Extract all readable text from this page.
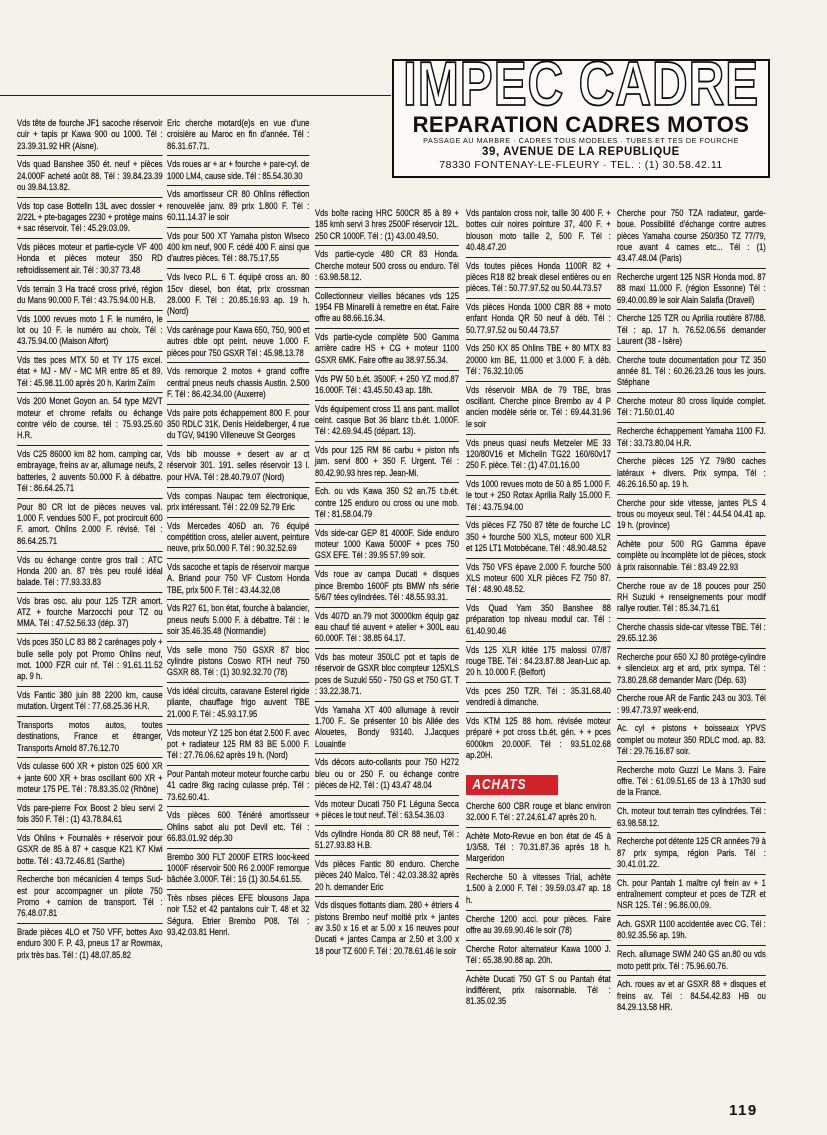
IMPEC CADRE
REPARATION CADRES MOTOS
PASSAGE AU MARBRE · CADRES TOUS MODELES · TUBES ET TES DE FOURCHE
39, AVENUE DE LA REPUBLIQUE
78330 FONTENAY-LE-FLEURY · TEL. : (1) 30.58.42.11
Vds tête de fourche JF1 sacoche réservoir cuir + tapis pr Kawa 900 ou 1000. Tél : 23.39.31.92 HR (Aisne).
Vds quad Banshee 350 ét. neuf + pièces 24.000F acheté août 88. Tél : 39.84.23.39 ou 39.84.13.82.
Vds top case Bottelin 13L avec dossier + 2/22L + pte-bagages 2230 + protège mains + sac réservoir. Tél : 45.29.03.09.
Vds pièces moteur et partie-cycle VF 400 Honda et pièces moteur 350 RD refroidissement air. Tél : 30.37 73.48
Vds terrain 3 Ha tracé cross privé, région du Mans 90.000 F. Tél : 43.75.94.00 H.B.
Vds 1000 revues moto 1 F. le numéro, le lot ou 10 F. le numéro au choix. Tél : 43.75.94.00 (Maison Alfort)
Vds ttes pces MTX 50 et TY 175 excel. état + MJ - MV - MC MR entre 85 et 89. Tél : 45.98.11.00 après 20 h. Karim Zaïm
Vds 200 Monet Goyon an. 54 type M2VT moteur et chrome refaits ou échange contre vélo de course. tél : 75.93.25.60 H.R.
Vds C25 86000 km 82 hom. camping car, embrayage, freins av ar, allumage neufs, 2 batteries, 2 auvents 50.000 F. à débattre. Tél : 86.64.25.71
Pour 80 CR lot de pièces neuves val. 1.000 F. vendues 500 F., pot procircuit 600 F. amort. Ohlins 2.000 F. révisé. Tél : 86.64.25.71
Vds ou échange contre gros trail : ATC Honda 200 an. 87 très peu roulé idéal balade. Tél : 77.93.33.83
Vds bras osc. alu pour 125 TZR amort. ATZ + fourche Marzocchi pour TZ ou MMA. Tél : 47.52.56.33 (dép. 37)
Vds pces 350 LC 83 88 2 carénages poly + bulle selle poly pot Promo Ohlins neuf, mot. 1000 FZR cuir nf. Tél : 91.61.11.52 ap. 9 h.
Vds Fantic 380 juin 88 2200 km, cause mutation. Urgent Tél : 77.68.25.36 H.R.
Transports motos autos, toutes destinations, France et étranger, Transports Arnold 87.76.12.70
Vds culasse 600 XR + piston 025 600 XR + jante 600 XR + bras oscillant 600 XR + moteur 175 PE. Tél : 78.83.35.02 (Rhône)
Vds pare-pierre Fox Boost 2 bleu servi 2 fois 350 F. Tél : (1) 43.78.84.61
Vds Ohlins + Fournalès + réservoir pour GSXR de 85 à 87 + casque K21 K7 Kiwi botte. Tél : 43.72.46.81 (Sarthe)
Recherche bon mécanicien 4 temps Sud-est pour accompagner un pilote 750 Promo + camion de transport. Tél : 76.48.07.81
Brade pièces 4LO et 750 VFF, bottes Axo enduro 300 F. P. 43, pneus 17 ar Rowmax, prix très bas. Tél : (1) 48.07.85.82
Eric cherche motard(e)s en vue d'une croisière au Maroc en fin d'année. Tél : 86.31.67.71.
Vds roues ar + ar + fourche + pare-cyl. de 1000 LM4, cause side. Tél : 85.54.30.30
Vds amortisseur CR 80 Ohlins réflection renouvelée janv. 89 prix 1.800 F. Tél : 60.11.14.37 le soir
Vds pour 500 XT Yamaha piston Wiseco 400 km neuf, 900 F. cédé 400 F. ainsi que d'autres pièces. Tél : 88.75.17.55
Vds Iveco P.L. 6 T. équipé cross an. 80 15cv diesel, bon état, prix crossman 28.000 F. Tél : 20.85.16.93 ap. 19 h. (Nord)
Vds carénage pour Kawa 650, 750, 900 et autres dble opt peint. neuve 1.000 F. pièces pour 750 GSXR Tél : 45.98.13.78
Vds remorque 2 motos + grand coffre central pneus neufs chassis Austin. 2.500 F. Tél : 86.42.34.00 (Auxerre)
Vds paire pots échappement 800 F. pour 350 RDLC 31K. Denis Heidelberger, 4 rue du TGV, 94190 Villeneuve St Georges
Vds bib mousse + desert av ar ct réservoir 301. 191. selles réservoir 13 l. pour HVA. Tél : 28.40.79.07 (Nord)
Vds compas Naupac tem électronique, prix intéressant. Tél : 22.09 52.79 Eric
Vds Mercedes 406D an. 76 équipé compétition cross, atelier auvent, peinture neuve, prix 50.000 F. Tél : 90.32.52.69
Vds sacoche et tapis de réservoir marque A. Briand pour 750 VF Custom Honda TBE, prix 500 F. Tél : 43.44.32.08
Vds R27 61, bon état, fourche à balancier, pneus neufs 5.000 F. à débattre. Tél : le soir 35.46.35.48 (Normandie)
Vds selle mono 750 GSXR 87 bloc cylindre pistons Coswo RTH neuf 750 GSXR 88. Tél : (1) 30.92.32.70 (78)
Vds idéal circuits, caravane Esterel rigide pliante, chauffage frigo auvent TBE 21.000 F. Tél : 45.93.17.95
Vds moteur YZ 125 bon état 2.500 F. avec pot + radiateur 125 RM 83 BE 5.000 F. Tél : 27.76.06.62 après 19 h. (Nord)
Pour Pantah moteur moteur fourche carbu 41 cadre 8kg racing culasse prép. Tél : 73.62.60.41.
Vds pièces 600 Ténéré amortisseur Ohlins sabot alu pot Devil etc. Tél : 66.83.01.92 dép.30
Brembo 300 FLT 2000F ETRS looc-keed 1000F réservoir 500 R6 2.000F remorque bâchée 3.000F. Tél : 16 (1) 30.54.61.55.
Très nbses pièces EFE blousons Japa noir T.52 et 42 pantalons cuir T. 48 et 32 Ségura. Etrier Brembo P08. Tél : 93.42.03.81 Henri.
Vds boîte racing HRC 500CR 85 à 89 + 185 kmh servi 3 hres 2500F réservoir 12L. 250 CR 1000F. Tél : (1) 43.00.49.50.
Vds partie-cycle 480 CR 83 Honda. Cherche moteur 500 cross ou enduro. Tél : 63.98.58.12.
Collectionneur vieilles bécanes vds 125 1954 FB Minarelli à remettre en état. Faire offre au 88.66.16.34.
Vds partie-cycle complète 500 Gamma arrière cadre HS + CG + moteur 1100 GSXR 6MK. Faire offre au 38.97.55.34.
Vds PW 50 b.ét. 3500F. + 250 YZ mod.87 16.000F. Tél : 43.45.50.43 ap. 18h.
Vds équipement cross 11 ans pant. maillot ceint. casque Bot 36 blanc t.b.ét. 1.000F. Tél : 42.69.94.45 (départ. 13).
Vds pour 125 RM 86 carbu + piston nfs jam. servi 800 + 350 F. Urgent. Tél : 80.42.90.93 hres rep. Jean-Mi.
Ech. ou vds Kawa 350 S2 an.75 t.b.ét. contre 125 enduro ou cross ou une mob. Tél : 81.58.04.79
Vds side-car GEP 81 4000F. Side enduro moteur 1000 Kawa 5000F + pces 750 GSX EFE. Tél : 39.95 57.99 soir.
Vds roue av campa Ducati + disques pince Brembo 1600F pts BMW nfs série 5/6/7 tées cylindrées. Tél : 48.55.93.31.
Vds 407D an.79 mot 30000km équip gaz eau chauf tlé auvent + atelier + 300L eau 60.000F. Tél : 38.85 64.17.
Vds bas moteur 350LC pot et tapis de réservoir de GSXR bloc compteur 125XLS pces de Suzuki 550 - 750 GS et 750 GT. T : 33.22.38.71.
Vds Yamaha XT 400 allumage à revoir 1.700 F.. Se présenter 10 bis Allée des Alouetes, Bondy 93140. J.Jacques Louaintle
Vds décors auto-collants pour 750 H272 bleu ou or 250 F. ou échange contre pièces de H2. Tél : (1) 43.47 48.04
Vds moteur Ducati 750 F1 Léguna Secca + pièces le tout neuf. Tél : 63.54.36.03
Vds cylindre Honda 80 CR 88 neuf, Tél : 51.27.93.83 H.B.
Vds pièces Fantic 80 enduro. Cherche pièces 240 Maïco. Tél : 42.03.38.32 après 20 h. demander Eric
Vds disques flottants diam. 280 + étriers 4 pistons Brembo neuf moitié prix + jantes av 3.50 x 16 et ar 5.00 x 16 neuves pour Ducati + jantes Campa ar 2.50 et 3.00 x 18 pour TZ 600 F. Tél : 20.78.61.46 le soir
Vds pantalon cross noir, taille 30 400 F. + bottes cuir noires pointure 37, 400 F. + blouson moto taille 2, 500 F. Tél : 40.48.47.20
Vds toutes pièces Honda 1100R 82 + pièces R18 82 break diesel entières ou en pièces. Tél : 50.77.97.52 ou 50.44.73.57
Vds pièces Honda 1000 CBR 88 + moto enfant Honda QR 50 neuf à déb. Tél : 50.77.97.52 ou 50.44 73.57
Vds 250 KX 85 Ohlins TBE + 80 MTX 83 20000 km BE, 11.000 et 3.000 F. à déb. Tél : 76.32.10.05
Vds réservoir MBA de 79 TBE, bras oscillant. Cherche pince Brembo av 4 P ancien modèle série or. Tél : 69.44.31.96 le soir
Vds pneus quasi neufs Metzeler ME 33 120/80V16 et Michelin TG22 160/60v17 250 F. pièce. Tél : (1) 47.01.16.00
Vds 1000 revues moto de 50 à 85 1.000 F. le tout + 250 Rotax Aprilia Rally 15.000 F. Tél : 43.75.94.00
Vds pièces FZ 750 87 tête de fourche LC 350 + fourche 500 XLS, moteur 600 XLR et 125 LT1 Motobécane. Tél : 48.90.48.52
Vds 750 VFS épave 2.000 F. fourche 500 XLS moteur 600 XLR pièces FZ 750 87. Tél : 48.90.48.52.
Vds Quad Yam 350 Banshee 88 préparation top niveau modul car. Tél : 61.40.90.46
Vds 125 XLR kitée 175 malossi 07/87 rouge TBE. Tél : 84.23.87.88 Jean-Luc ap. 20 h. 10.000 F. (Belfort)
Vds pces 250 TZR. Tél : 35.31.68.40 vendredi à dimanche.
Vds KTM 125 88 hom. révisée moteur préparé + pot cross t.b.ét. gén. + + pces 6000km 20.000F. Tél : 93.51.02.68 ap.20H.
ACHATS
Cherche 600 CBR rouge et blanc environ 32.000 F. Tél : 27.24.61.47 après 20 h.
Achète Moto-Revue en bon état de 45 à 1/3/58. Tél : 70.31.87.36 après 18 h. Margeridon
Recherche 50 à vitesses Trial, achète 1.500 à 2.000 F. Tél : 39.59.03.47 ap. 18 h.
Cherche 1200 acci. pour pièces. Faire offre au 39.69.90.46 le soir (78)
Cherche Rotor alternateur Kawa 1000 J. Tél : 65.38.90.88 ap. 20h.
Achète Ducati 750 GT S ou Pantah état indifférent, prix raisonnable. Tél : 81.35.02.35
Cherche pour 750 TZA radiateur, garde-boue. Possibilité d'échange contre autres pièces Yamaha course 250/350 TZ 77/79, roue avant 4 cames etc... Tél : (1) 43.47.48.04 (Paris)
Recherche urgent 125 NSR Honda mod. 87 88 maxi 11.000 F. (région Essonne) Tél : 69.40.00.89 le soir Alain Salafia (Draveil)
Cherche 125 TZR ou Aprilia routière 87/88. Tél : ap. 17 h. 76.52.06.56 demander Laurent (38 - Isère)
Cherche toute documentation pour TZ 350 année 81. Tél : 60.26.23.26 tous les jours. Stéphane
Cherche moteur 80 cross liquide complet. Tél : 71.50.01.40
Recherche échappement Yamaha 1100 FJ. Tél : 33.73.80.04 H.R.
Cherche pièces 125 YZ 79/80 caches latéraux + divers. Prix sympa. Tél : 46.26.16.50 ap. 19 h.
Cherche pour side vitesse, jantes PLS 4 trous ou moyeux seul. Tél : 44.54 04.41 ap. 19 h. (province)
Achète pour 500 RG Gamma épave complète ou incomplète lot de pièces, stock à prix raisonnable. Tél : 83.49 22.93
Cherche roue av de 18 pouces pour 250 RH Suzuki + renseignements pour modif rallye routier. Tél : 85.34.71.61
Cherche chassis side-car vitesse TBE. Tél : 29.65.12.36
Recherche pour 650 XJ 80 protège-cylindre + silencieux arg et ard, prix sympa. Tél : 73.80.28.68 demander Marc (Dép. 63)
Cherche roue AR de Fantic 243 ou 303. Tél : 99.47.73.97 week-end.
Ac. cyl + pistons + boisseaux YPVS complet ou moteur 350 RDLC mod. ap. 83. Tél : 29.76.16.87 soir.
Recherche moto Guzzi Le Mans 3. Faire offre. Tél : 61.09.51.65 de 13 à 17h30 sud de la France.
Ch. moteur tout terrain ttes cylindrées. Tél : 63.98.58.12.
Recherche pot détente 125 CR années 79 à 87 prix sympa, région Paris. Tél : 30.41.01.22.
Ch. pour Pantah 1 maître cyl frein av + 1 entraînement compteur et pces de TZR et NSR 125. Tél : 96.86.00.09.
Ach. GSXR 1100 accidentée avec CG. Tél : 80.92.35.56 ap. 19h.
Rech. allumage SWM 240 GS an.80 ou vds moto petit prix. Tél : 75.96.60.76.
Ach. roues av et ar GSXR 88 + disques et freins av. Tél : 84.54.42.83 HB ou 84.29.13.58 HR.
119
